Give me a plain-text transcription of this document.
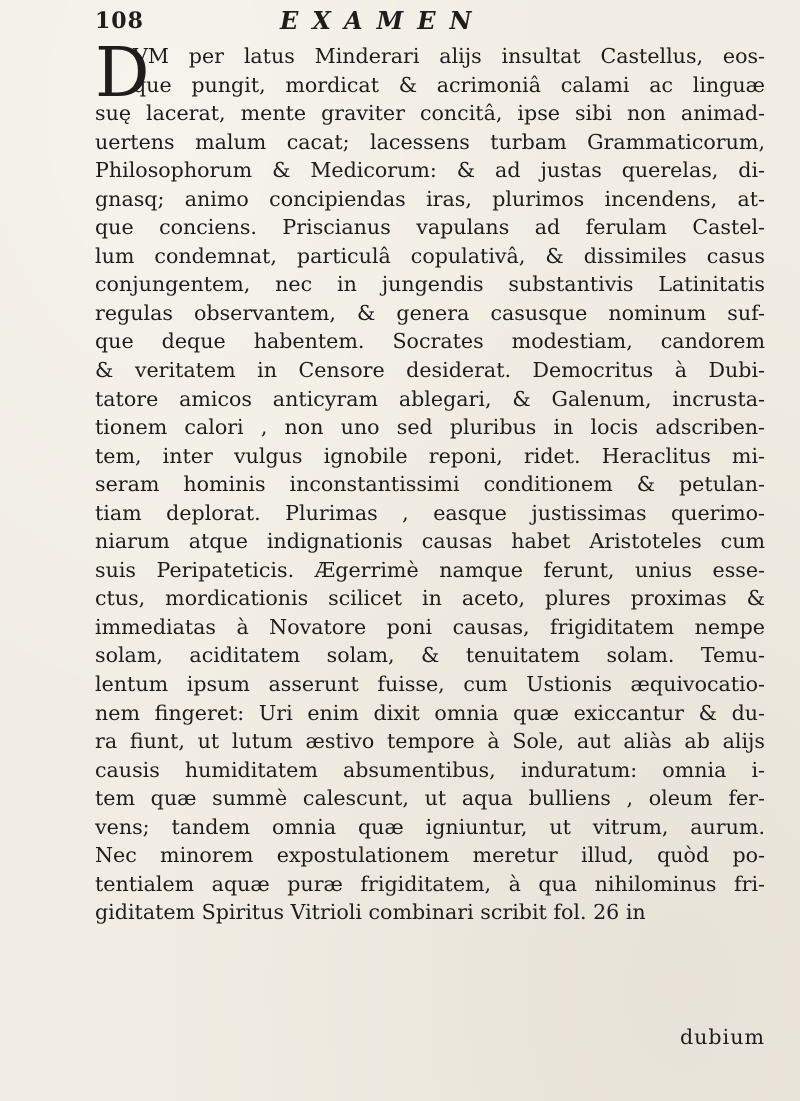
108	EXAMEN
D
VM per latus Minderari alijs insultat Castellus, eos-
que pungit, mordicat & acrimoniâ calami ac linguæ
suę lacerat, mente graviter concitâ, ipse sibi non animad-
uertens malum cacat; lacessens turbam Grammaticorum,
Philosophorum & Medicorum: & ad justas querelas, di-
gnasq; animo concipiendas iras, plurimos incendens, at-
que conciens. Priscianus vapulans ad ferulam Castel-
lum condemnat, particulâ copulativâ, & dissimiles casus
conjungentem, nec in jungendis substantivis Latinitatis
regulas observantem, & genera casusque nominum suf-
que deque habentem. Socrates modestiam, candorem
& veritatem in Censore desiderat. Democritus à Dubi-
tatore amicos anticyram ablegari, & Galenum, incrusta-
tionem calori , non uno sed pluribus in locis adscriben-
tem, inter vulgus ignobile reponi, ridet. Heraclitus mi-
seram hominis inconstantissimi conditionem & petulan-
tiam deplorat. Plurimas , easque justissimas querimo-
niarum atque indignationis causas habet Aristoteles cum
suis Peripateticis. Ægerrimè namque ferunt, unius esse-
ctus, mordicationis scilicet in aceto, plures proximas &
immediatas à Novatore poni causas, frigiditatem nempe
solam, aciditatem solam, & tenuitatem solam. Temu-
lentum ipsum asserunt fuisse, cum Ustionis æquivocatio-
nem fingeret: Uri enim dixit omnia quæ exiccantur & du-
ra fiunt, ut lutum æstivo tempore à Sole, aut aliàs ab alijs
causis humiditatem absumentibus, induratum: omnia i-
tem quæ summè calescunt, ut aqua bulliens , oleum fer-
vens; tandem omnia quæ igniuntur, ut vitrum, aurum.
Nec minorem expostulationem meretur illud, quòd po-
tentialem aquæ puræ frigiditatem, à qua nihilominus fri-
giditatem Spiritus Vitrioli combinari scribit fol. 26 in
dubium
